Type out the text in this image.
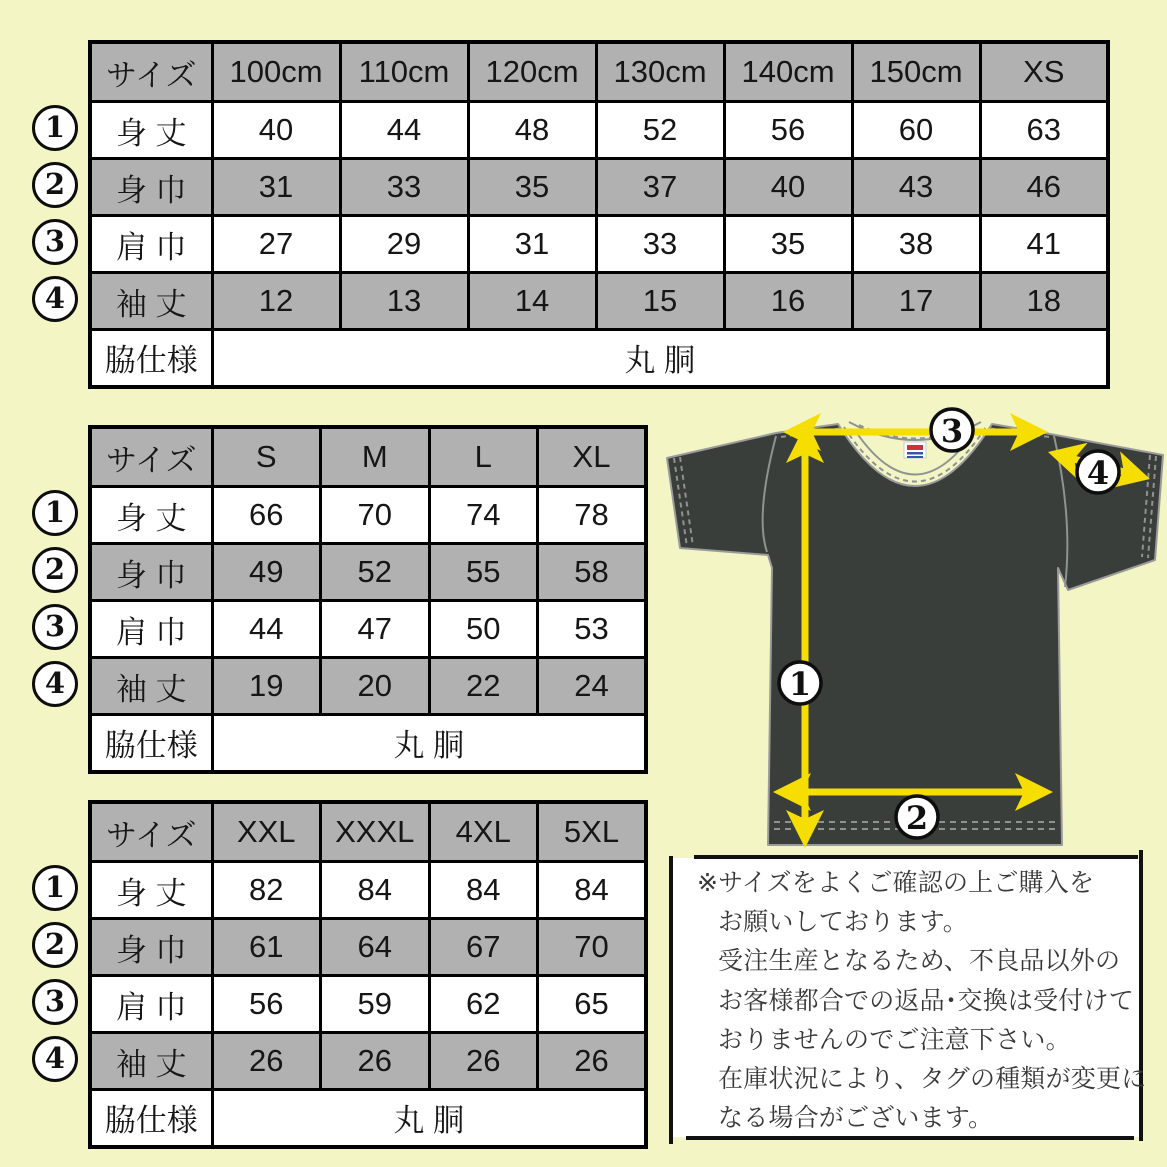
サイズ	100cm	110cm	120cm	130cm	140cm	150cm	XS
身 丈	40	44	48	52	56	60	63
身 巾	31	33	35	37	40	43	46
肩 巾	27	29	31	33	35	38	41
袖 丈	12	13	14	15	16	17	18
脇仕様	丸 胴						
サイズ	S	M	L	XL
身 丈	66	70	74	78
身 巾	49	52	55	58
肩 巾	44	47	50	53
袖 丈	19	20	22	24
脇仕様	丸 胴			
サイズ	XXL	XXXL	4XL	5XL
身 丈	82	84	84	84
身 巾	61	64	67	70
肩 巾	56	59	62	65
袖 丈	26	26	26	26
脇仕様	丸 胴			
3
4
1
2
※サイズをよくご確認の上ご購入を
お願いしております。
受注生産となるため、不良品以外の
お客様都合での返品･交換は受付けて
おりませんのでご注意下さい。
在庫状況により、タグの種類が変更に
なる場合がございます。
1
2
3
4
1
2
3
4
1
2
3
4
